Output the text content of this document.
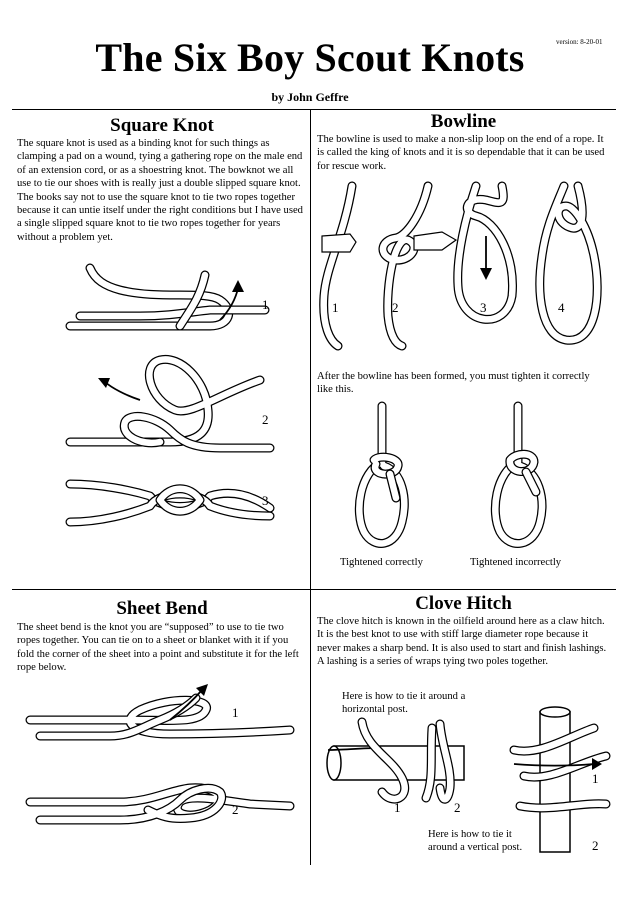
The Six Boy Scout Knots	version: 8-20-01
by John Geffre
Square Knot
The square knot is used as a binding knot for such things as clamping a pad on a wound, tying a gathering rope on the male end of an extension cord, or as a shoestring knot. The bowknot we all use to tie our shoes with is really just a double slipped square knot. The books say not to use the square knot to tie two ropes together because it can untie itself under the right conditions but I have used a single slipped square knot to tie two ropes together for years without a problem yet.
1
2
3
Bowline
The bowline is used to make a non-slip loop on the end of a rope. It is called the king of knots and it is so dependable that it can be used for rescue work.
1	2	3	4
After the bowline has been formed, you must tighten it correctly like this.
Tightened correctly	Tightened incorrectly
Sheet Bend
The sheet bend is the knot you are “supposed” to use to tie two ropes together. You can tie on to a sheet or blanket with it if you fold the corner of the sheet into a point and substitute it for the left rope below.
1
2
Clove Hitch
The clove hitch is known in the oilfield around here as a claw hitch. It is the best knot to use with stiff large diameter rope because it never makes a sharp bend. It is also used to start and finish lashings. A lashing is a series of wraps tying two poles together.
Here is how to tie it around a horizontal post.
1	2
1
2
Here is how to tie it around a vertical post.
